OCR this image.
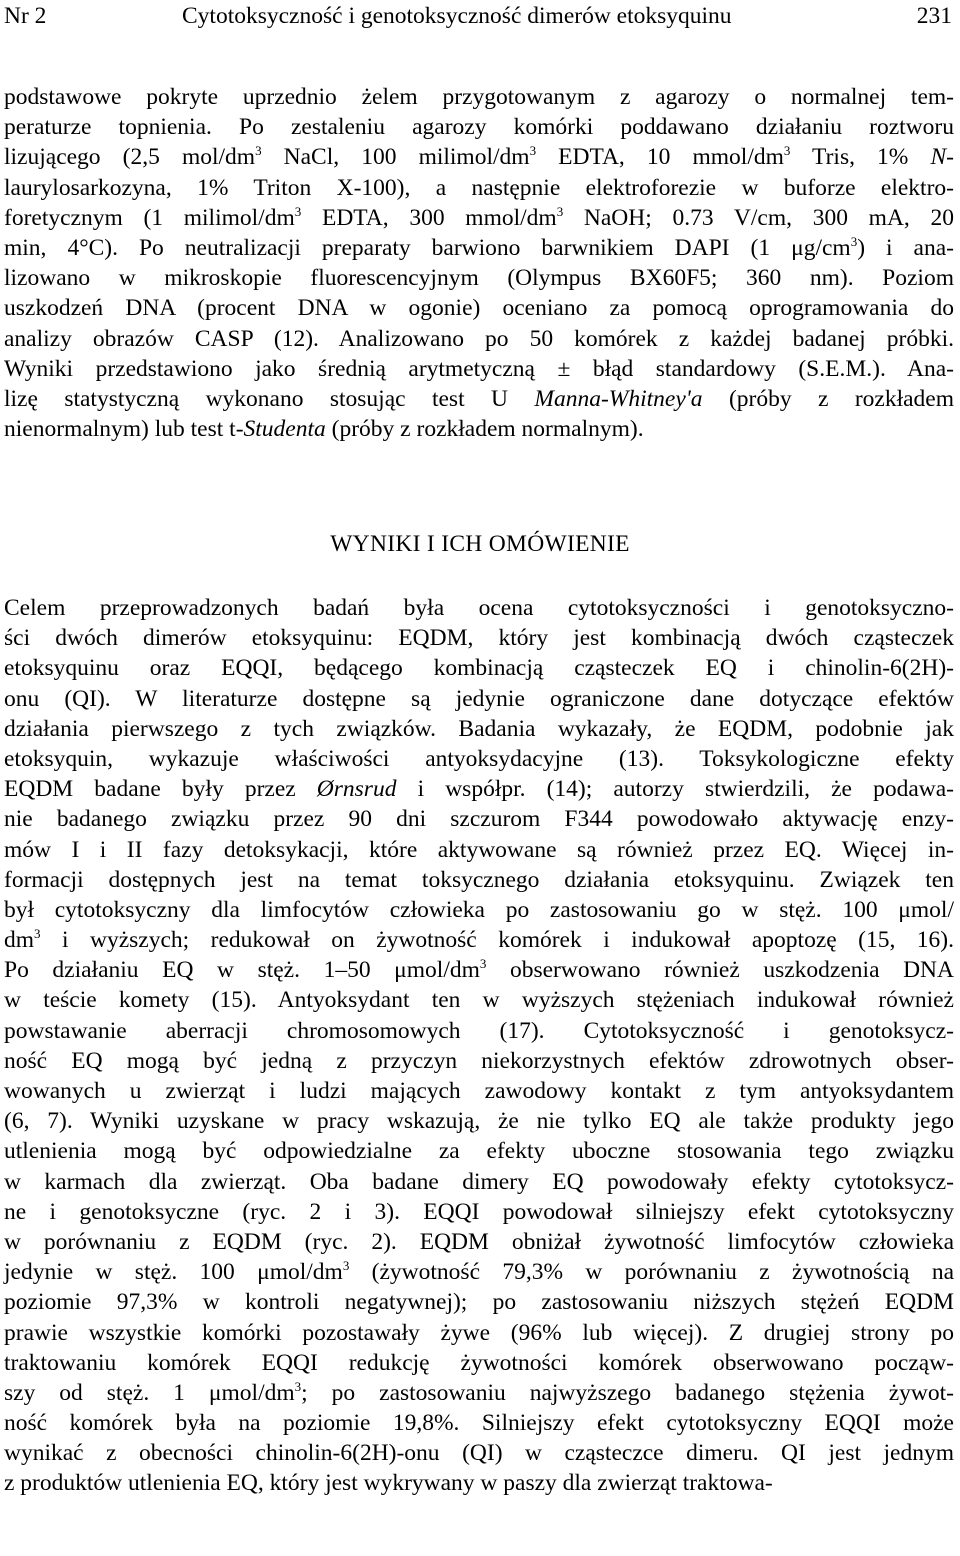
Nr 2	Cytotoksyczność i genotoksyczność dimerów etoksyquinu	231
podstawowe pokryte uprzednio żelem przygotowanym z agarozy o normalnej tem-
peraturze topnienia. Po zestaleniu agarozy komórki poddawano działaniu roztworu
lizującego (2,5 mol/$dm^3$ NaCl, 100 milimol/$dm^3$ EDTA, 10 mmol/$dm^3$ Tris, 1% N-
laurylosarkozyna, 1% Triton X-100), a następnie elektroforezie w buforze elektro-
foretycznym (1 milimol/$dm^3$ EDTA, 300 mmol/$dm^3$ NaOH; 0.73 V/cm, 300 mA, 20
min, 4°C). Po neutralizacji preparaty barwiono barwnikiem DAPI (1 $\mu g/cm^3$) i ana-
lizowano w mikroskopie fluorescencyjnym (Olympus BX60F5; 360 nm). Poziom
uszkodzeń DNA (procent DNA w ogonie) oceniano za pomocą oprogramowania do
analizy obrazów CASP (12). Analizowano po 50 komórek z każdej badanej próbki.
Wyniki przedstawiono jako średnią arytmetyczną ± błąd standardowy (S.E.M.). Ana-
lizę statystyczną wykonano stosując test U Manna-Whitney'a (próby z rozkładem
nienormalnym) lub test t-Studenta (próby z rozkładem normalnym).
WYNIKI I ICH OMÓWIENIE
Celem przeprowadzonych badań była ocena cytotoksyczności i genotoksyczno-
ści dwóch dimerów etoksyquinu: EQDM, który jest kombinacją dwóch cząsteczek
etoksyquinu oraz EQQI, będącego kombinacją cząsteczek EQ i chinolin-6(2H)-
onu (QI). W literaturze dostępne są jedynie ograniczone dane dotyczące efektów
działania pierwszego z tych związków. Badania wykazały, że EQDM, podobnie jak
etoksyquin, wykazuje właściwości antyoksydacyjne (13). Toksykologiczne efekty
EQDM badane były przez Ørnsrud i współpr. (14); autorzy stwierdzili, że podawa-
nie badanego związku przez 90 dni szczurom F344 powodowało aktywację enzy-
mów I i II fazy detoksykacji, które aktywowane są również przez EQ. Więcej in-
formacji dostępnych jest na temat toksycznego działania etoksyquinu. Związek ten
był cytotoksyczny dla limfocytów człowieka po zastosowaniu go w stęż. 100 μmol/
$dm^3$ i wyższych; redukował on żywotność komórek i indukował apoptozę (15, 16).
Po działaniu EQ w stęż. 1–50 μmol/$dm^3$ obserwowano również uszkodzenia DNA
w teście komety (15). Antyoksydant ten w wyższych stężeniach indukował również
powstawanie aberracji chromosomowych (17). Cytotoksyczność i genotoksycz-
ność EQ mogą być jedną z przyczyn niekorzystnych efektów zdrowotnych obser-
wowanych u zwierząt i ludzi mających zawodowy kontakt z tym antyoksydantem
(6, 7). Wyniki uzyskane w pracy wskazują, że nie tylko EQ ale także produkty jego
utlenienia mogą być odpowiedzialne za efekty uboczne stosowania tego związku
w karmach dla zwierząt. Oba badane dimery EQ powodowały efekty cytotoksycz-
ne i genotoksyczne (ryc. 2 i 3). EQQI powodował silniejszy efekt cytotoksyczny
w porównaniu z EQDM (ryc. 2). EQDM obniżał żywotność limfocytów człowieka
jedynie w stęż. 100 μmol/$dm^3$ (żywotność 79,3% w porównaniu z żywotnością na
poziomie 97,3% w kontroli negatywnej); po zastosowaniu niższych stężeń EQDM
prawie wszystkie komórki pozostawały żywe (96% lub więcej). Z drugiej strony po
traktowaniu komórek EQQI redukcję żywotności komórek obserwowano począw-
szy od stęż. 1 μmol/$dm^3$; po zastosowaniu najwyższego badanego stężenia żywot-
ność komórek była na poziomie 19,8%. Silniejszy efekt cytotoksyczny EQQI może
wynikać z obecności chinolin-6(2H)-onu (QI) w cząsteczce dimeru. QI jest jednym
z produktów utlenienia EQ, który jest wykrywany w paszy dla zwierząt traktowa-
